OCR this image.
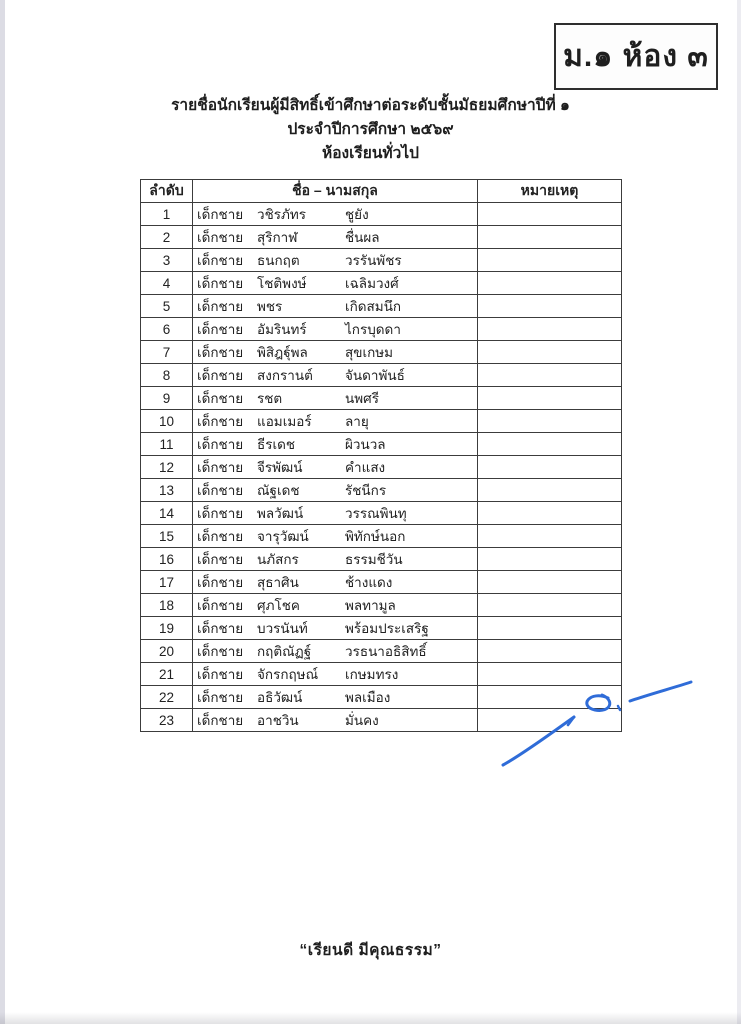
ม.๑ ห้อง ๓
รายชื่อนักเรียนผู้มีสิทธิ์เข้าศึกษาต่อระดับชั้นมัธยมศึกษาปีที่ ๑
ประจำปีการศึกษา ๒๕๖๙
ห้องเรียนทั่วไป
ลำดับ	ชื่อ – นามสกุล	หมายเหตุ
1	เด็กชาย วชิรภัทร ชูยัง	

2	เด็กชาย สุริกาฬ ชื่นผล	

3	เด็กชาย ธนกฤต วรรันพัชร	

4	เด็กชาย โชติพงษ์ เฉลิมวงศ์	

5	เด็กชาย พชร เกิดสมนึก	

6	เด็กชาย อัมรินทร์ ไกรบุดดา	

7	เด็กชาย พิสิฎฐุ์พล สุขเกษม	

8	เด็กชาย สงกรานต์ จันดาพันธ์	

9	เด็กชาย รชต นพศรี	

10	เด็กชาย แอมเมอร์ ลายุ	

11	เด็กชาย ธีรเดช ผิวนวล	

12	เด็กชาย จีรพัฒน์ คำแสง	

13	เด็กชาย ณัฐเดช รัชนีกร	

14	เด็กชาย พลวัฒน์ วรรณพินทุ	

15	เด็กชาย จารุวัฒน์ พิทักษ์นอก	

16	เด็กชาย นภัสกร ธรรมชีวัน	

17	เด็กชาย สุธาศิน ช้างแดง	

18	เด็กชาย ศุภโชค พลทามูล	

19	เด็กชาย บวรนันท์ พร้อมประเสริฐ	

20	เด็กชาย กฤติณัฏฐ์ วรธนาอธิสิทธิ์	

21	เด็กชาย จักรกฤษณ์ เกษมทรง	

22	เด็กชาย อธิวัฒน์ พลเมือง	

23	เด็กชาย อาชวิน มั่นคง	

“เรียนดี มีคุณธรรม”
